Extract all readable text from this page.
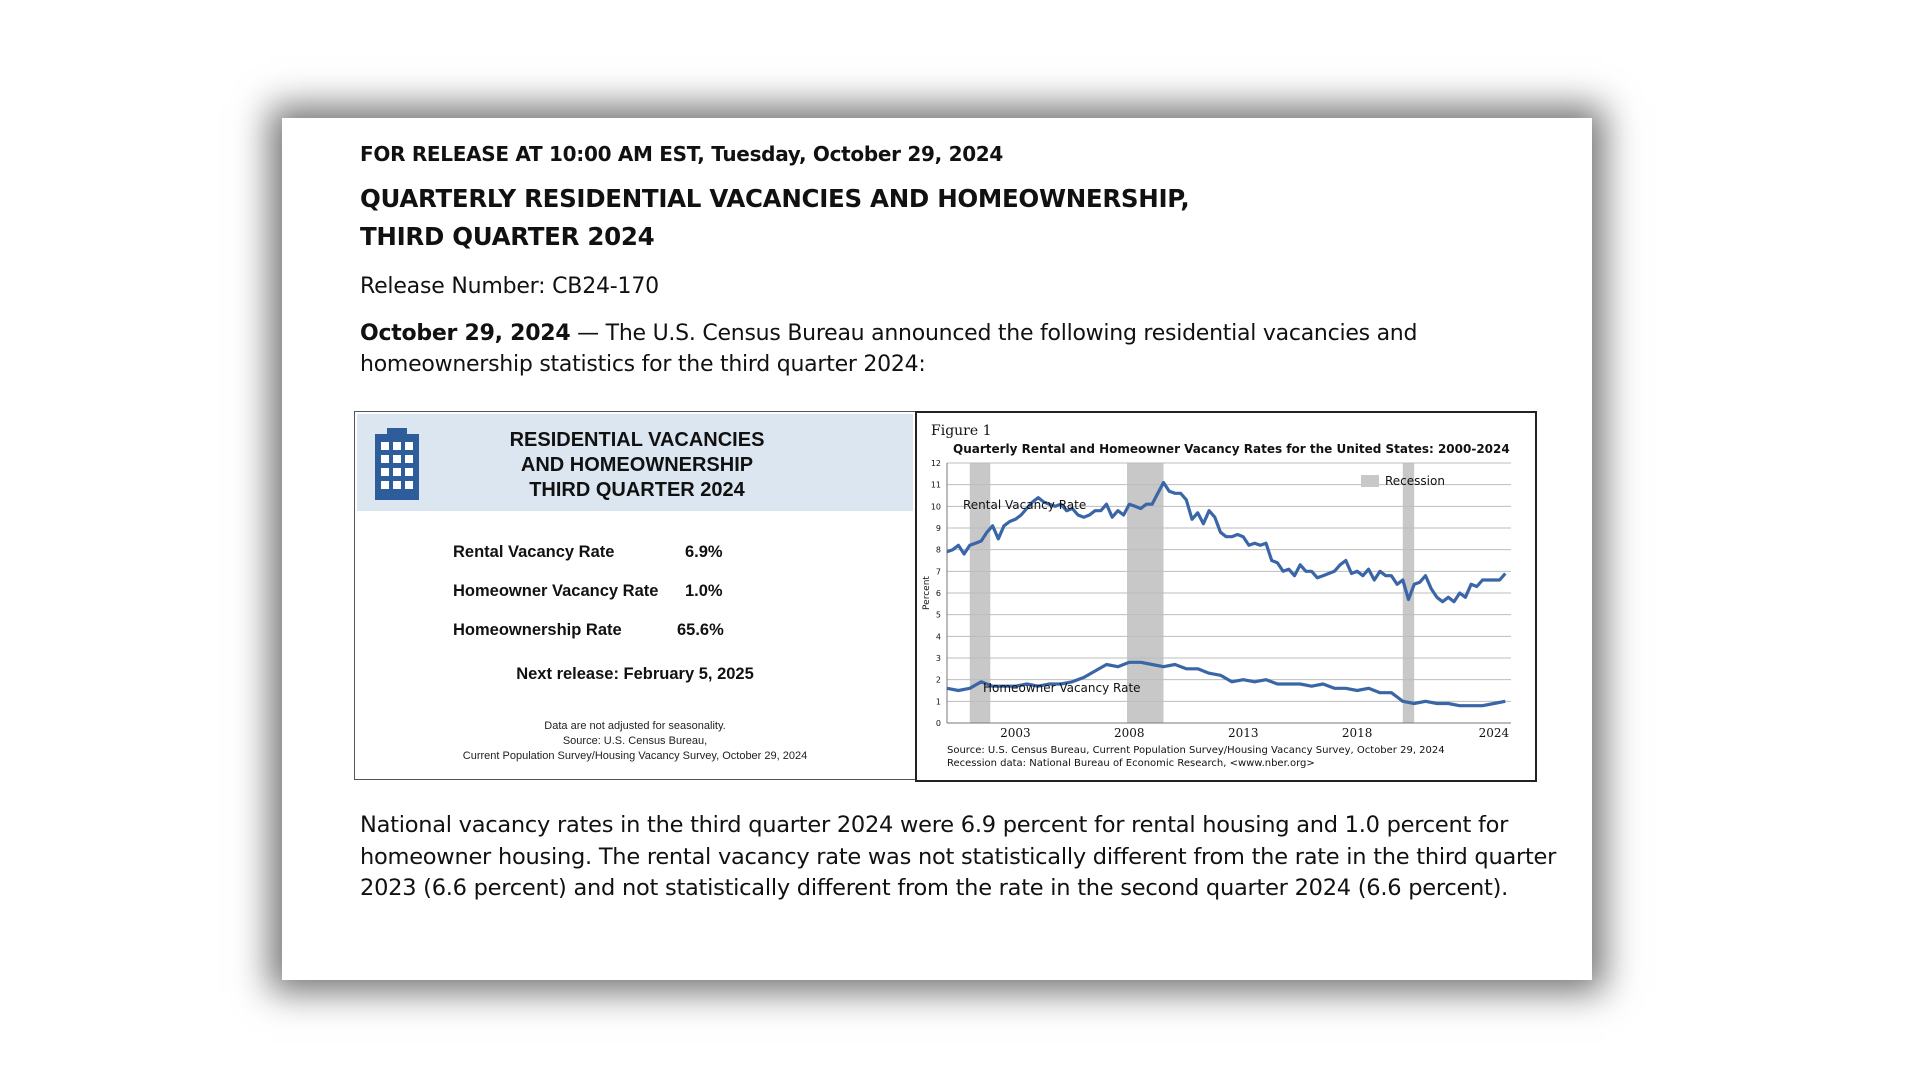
FOR RELEASE AT 10:00 AM EST, Tuesday, October 29, 2024
QUARTERLY RESIDENTIAL VACANCIES AND HOMEOWNERSHIP,
THIRD QUARTER 2024
Release Number: CB24-170
October 29, 2024 — The U.S. Census Bureau announced the following residential vacancies and homeownership statistics for the third quarter 2024:
RESIDENTIAL VACANCIES
AND HOMEOWNERSHIP
THIRD QUARTER 2024
Rental Vacancy Rate	6.9%
Homeowner Vacancy Rate 1.0%
Homeownership Rate	65.6%
Next release: February 5, 2025
Data are not adjusted for seasonality.
Source: U.S. Census Bureau,
Current Population Survey/Housing Vacancy Survey, October 29, 2024
Figure 1
Quarterly Rental and Homeowner Vacancy Rates for the United States: 2000-2024
Percent
0
1
2
3
4
5
6
7
8
9
10
11
12
2003	2008	2013	2018	2024
Rental Vacancy Rate
Homeowner Vacancy Rate
Recession
Source: U.S. Census Bureau, Current Population Survey/Housing Vacancy Survey, October 29, 2024
Recession data: National Bureau of Economic Research, <www.nber.org>
National vacancy rates in the third quarter 2024 were 6.9 percent for rental housing and 1.0 percent for homeowner housing. The rental vacancy rate was not statistically different from the rate in the third quarter 2023 (6.6 percent) and not statistically different from the rate in the second quarter 2024 (6.6 percent).
